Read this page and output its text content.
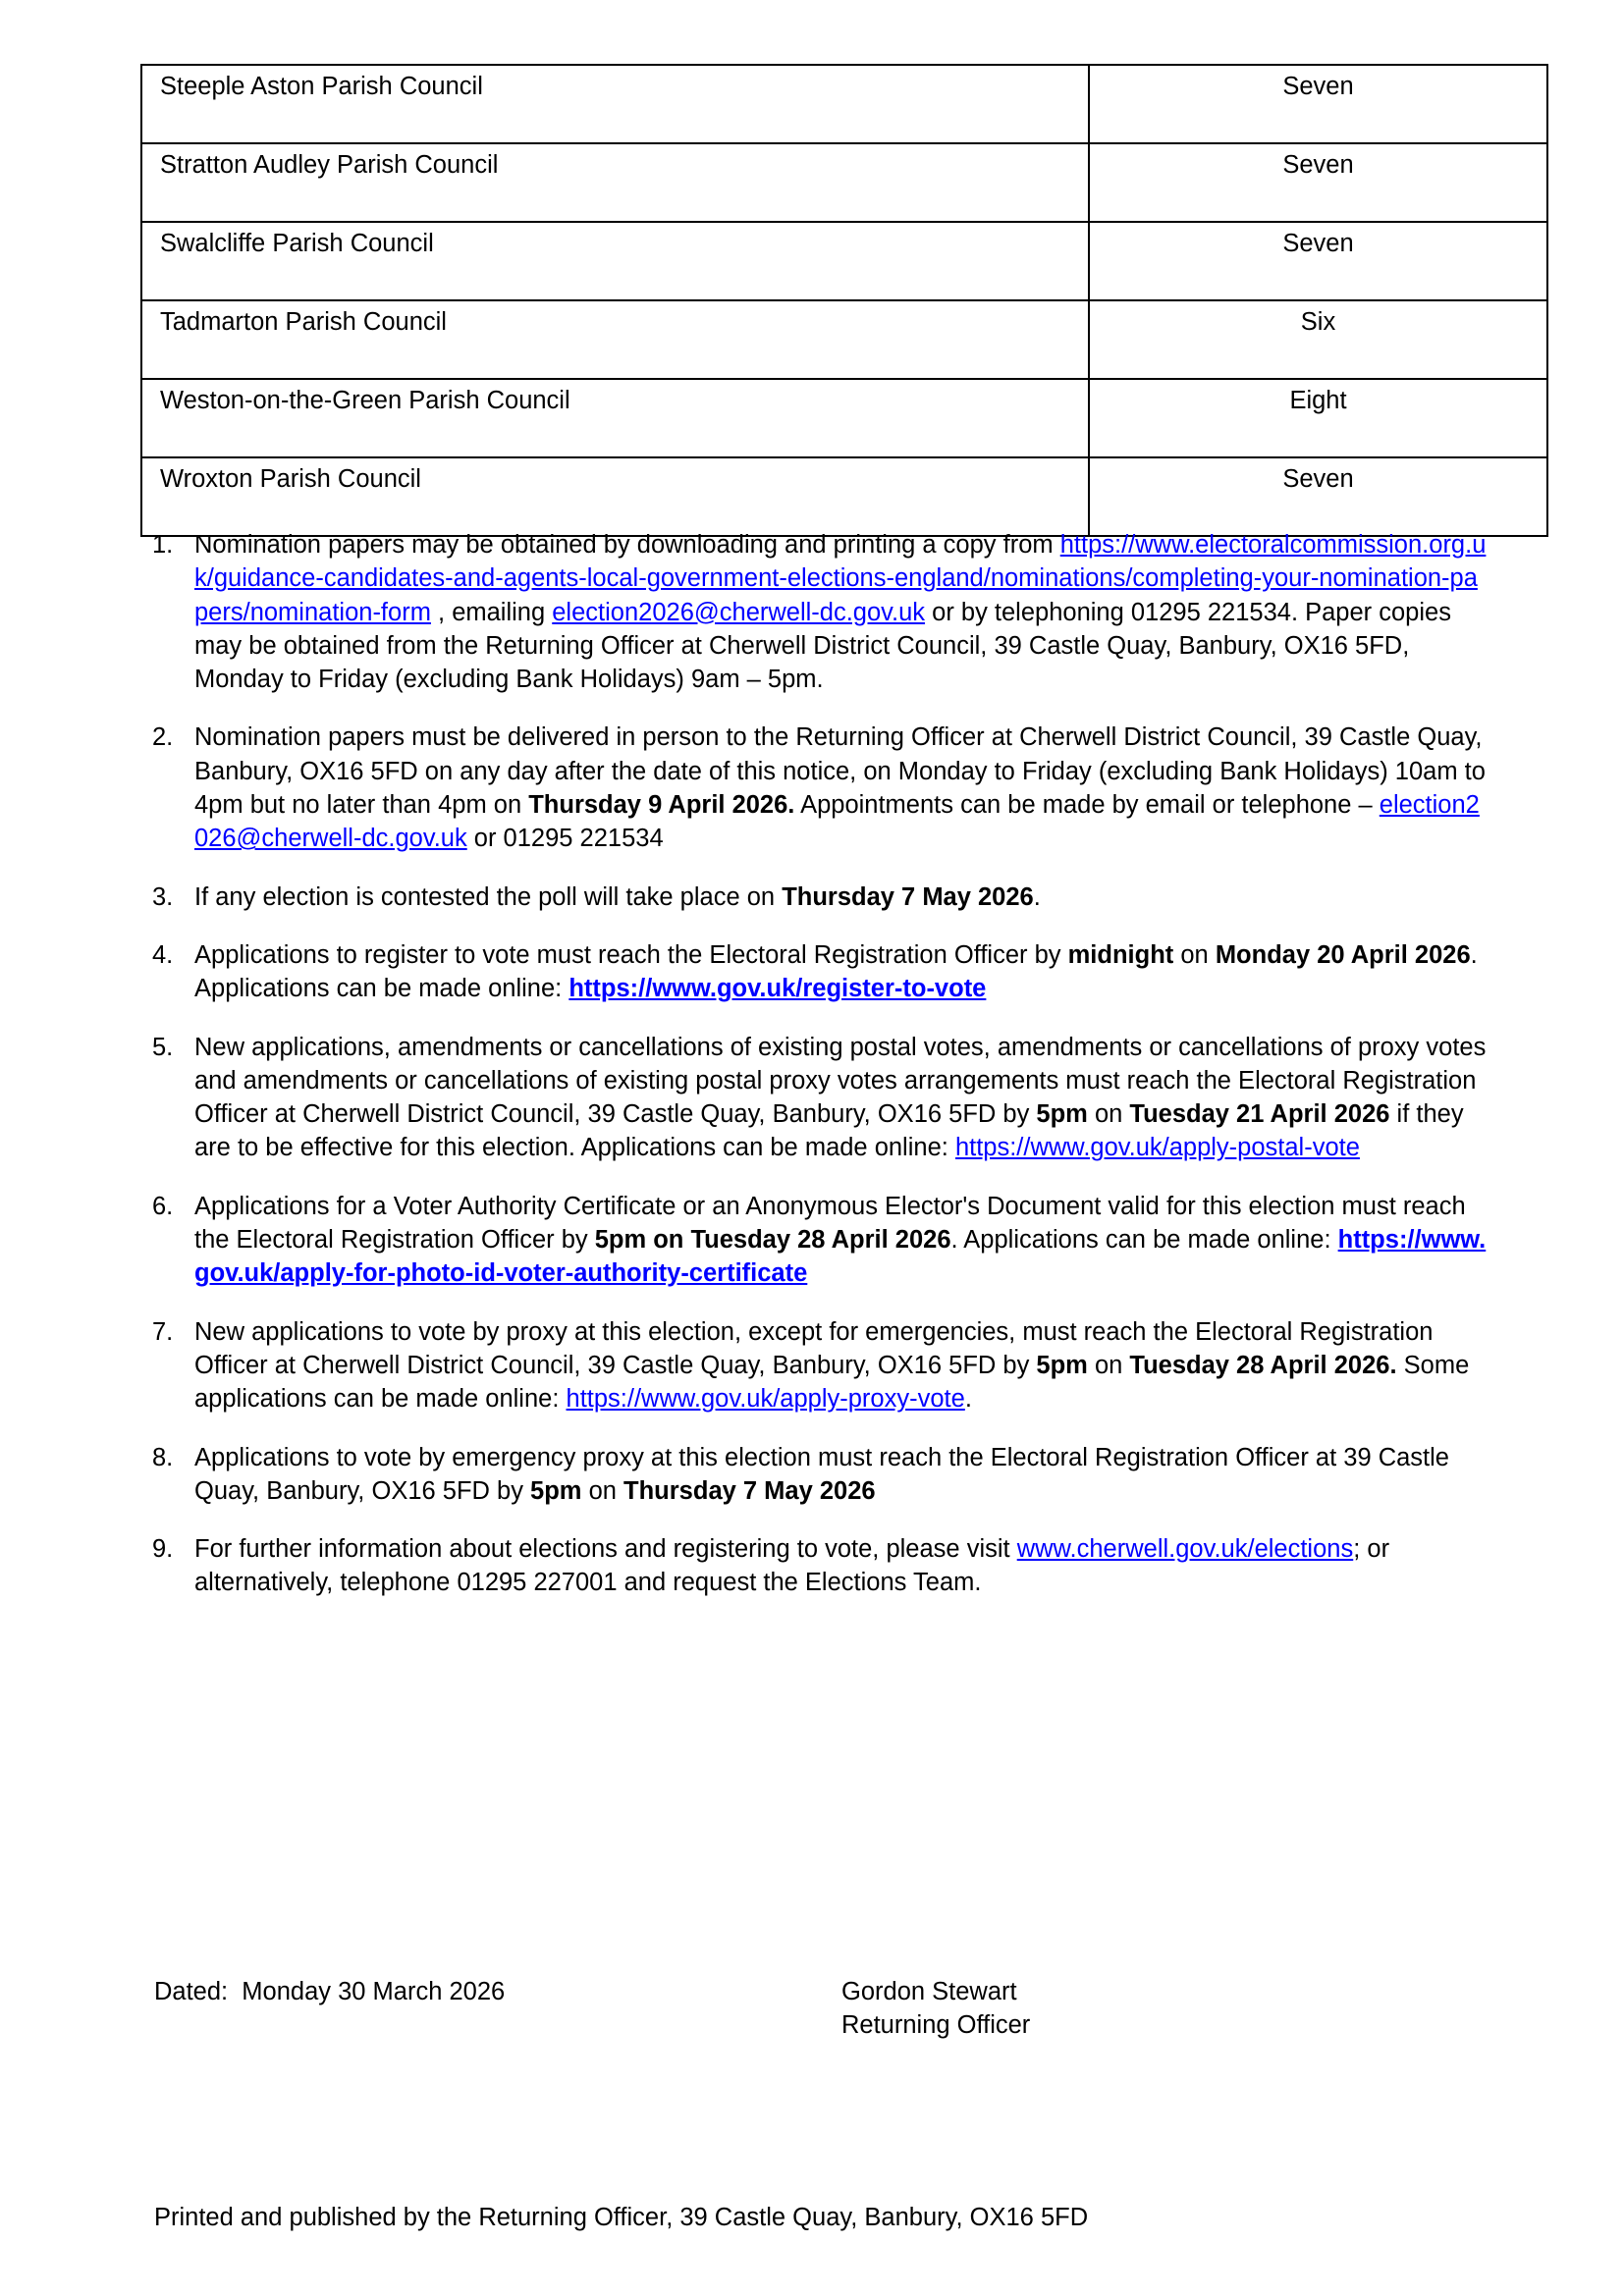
Steeple Aston Parish Council	Seven
Stratton Audley Parish Council	Seven
Swalcliffe Parish Council	Seven
Tadmarton Parish Council	Six
Weston-on-the-Green Parish Council	Eight
Wroxton Parish Council	Seven
1. Nomination papers may be obtained by downloading and printing a copy from https://www.electoralcommission.org.uk/guidance-candidates-and-agents-local-government-elections-england/nominations/completing-your-nomination-papers/nomination-form , emailing election2026@cherwell-dc.gov.uk or by telephoning 01295 221534. Paper copies may be obtained from the Returning Officer at Cherwell District Council, 39 Castle Quay, Banbury, OX16 5FD, Monday to Friday (excluding Bank Holidays) 9am – 5pm.
2. Nomination papers must be delivered in person to the Returning Officer at Cherwell District Council, 39 Castle Quay, Banbury, OX16 5FD on any day after the date of this notice, on Monday to Friday (excluding Bank Holidays) 10am to 4pm but no later than 4pm on Thursday 9 April 2026. Appointments can be made by email or telephone – election2026@cherwell-dc.gov.uk or 01295 221534
3. If any election is contested the poll will take place on Thursday 7 May 2026.
4. Applications to register to vote must reach the Electoral Registration Officer by midnight on Monday 20 April 2026. Applications can be made online: https://www.gov.uk/register-to-vote
5. New applications, amendments or cancellations of existing postal votes, amendments or cancellations of proxy votes and amendments or cancellations of existing postal proxy votes arrangements must reach the Electoral Registration Officer at Cherwell District Council, 39 Castle Quay, Banbury, OX16 5FD by 5pm on Tuesday 21 April 2026 if they are to be effective for this election. Applications can be made online: https://www.gov.uk/apply-postal-vote
6. Applications for a Voter Authority Certificate or an Anonymous Elector's Document valid for this election must reach the Electoral Registration Officer by 5pm on Tuesday 28 April 2026. Applications can be made online: https://www.gov.uk/apply-for-photo-id-voter-authority-certificate
7. New applications to vote by proxy at this election, except for emergencies, must reach the Electoral Registration Officer at Cherwell District Council, 39 Castle Quay, Banbury, OX16 5FD by 5pm on Tuesday 28 April 2026. Some applications can be made online: https://www.gov.uk/apply-proxy-vote.
8. Applications to vote by emergency proxy at this election must reach the Electoral Registration Officer at 39 Castle Quay, Banbury, OX16 5FD by 5pm on Thursday 7 May 2026
9. For further information about elections and registering to vote, please visit www.cherwell.gov.uk/elections; or alternatively, telephone 01295 227001 and request the Elections Team.
Dated:  Monday 30 March 2026	Gordon Stewart

Returning Officer
Printed and published by the Returning Officer, 39 Castle Quay, Banbury, OX16 5FD
